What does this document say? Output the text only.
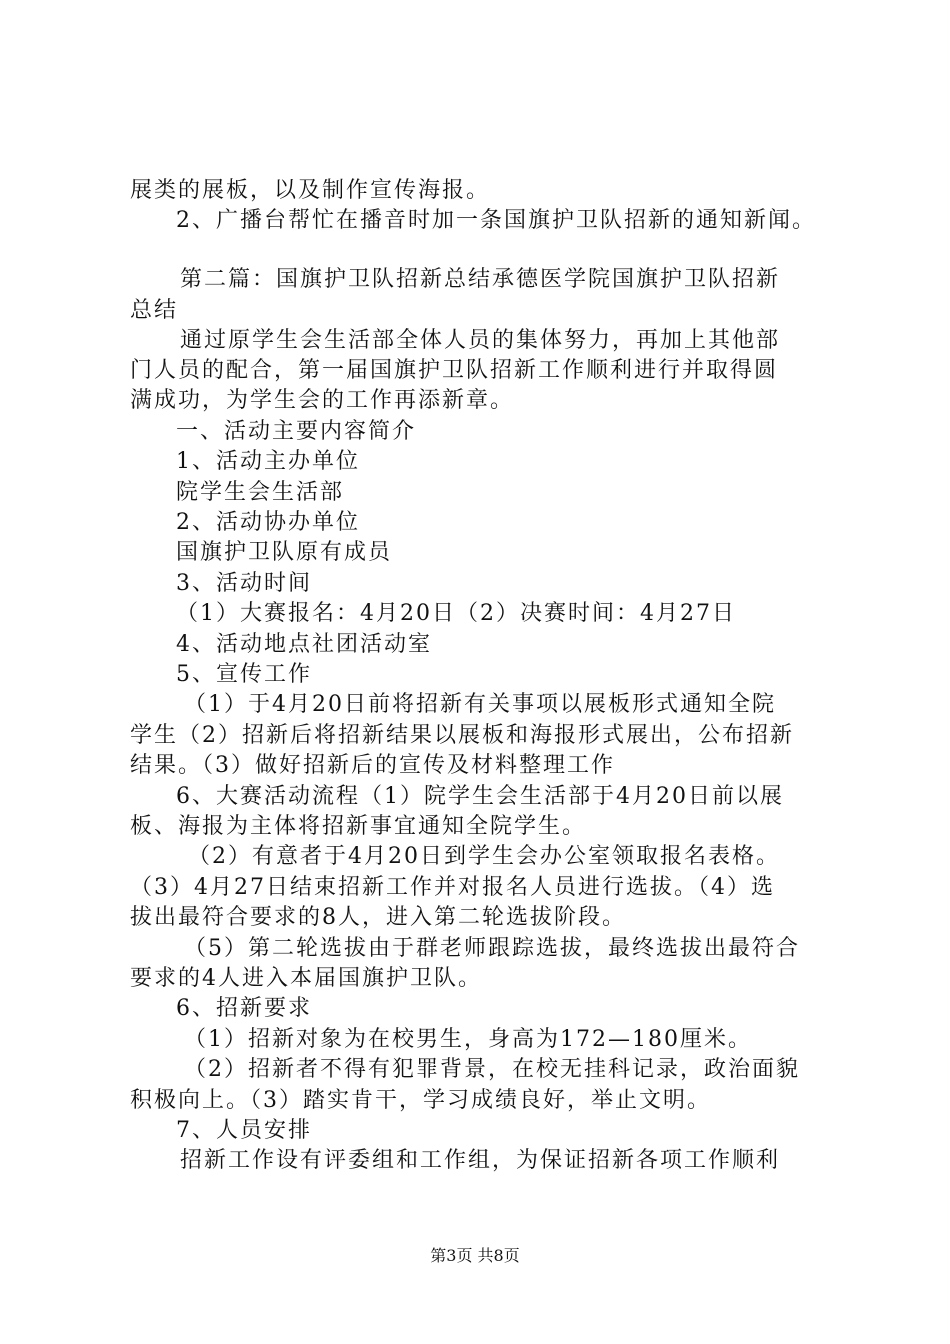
展类的展板，以及制作宣传海报。
2、广播台帮忙在播音时加一条国旗护卫队招新的通知新闻。
第二篇：国旗护卫队招新总结承德医学院国旗护卫队招新
总结
通过原学生会生活部全体人员的集体努力，再加上其他部
门人员的配合，第一届国旗护卫队招新工作顺利进行并取得圆
满成功，为学生会的工作再添新章。
一、活动主要内容简介
1、活动主办单位
院学生会生活部
2、活动协办单位
国旗护卫队原有成员
3、活动时间
（1）大赛报名：4月20日（2）决赛时间：4月27日
4、活动地点社团活动室
5、宣传工作
（1）于4月20日前将招新有关事项以展板形式通知全院
学生（2）招新后将招新结果以展板和海报形式展出，公布招新
结果。（3）做好招新后的宣传及材料整理工作
6、大赛活动流程（1）院学生会生活部于4月20日前以展
板、海报为主体将招新事宜通知全院学生。
（2）有意者于4月20日到学生会办公室领取报名表格。
（3）4月27日结束招新工作并对报名人员进行选拔。（4）选
拔出最符合要求的8人，进入第二轮选拔阶段。
（5）第二轮选拔由于群老师跟踪选拔，最终选拔出最符合
要求的4人进入本届国旗护卫队。
6、招新要求
（1）招新对象为在校男生，身高为172—180厘米。
（2）招新者不得有犯罪背景，在校无挂科记录，政治面貌
积极向上。（3）踏实肯干，学习成绩良好，举止文明。
7、人员安排
招新工作设有评委组和工作组，为保证招新各项工作顺利
第3页 共8页
